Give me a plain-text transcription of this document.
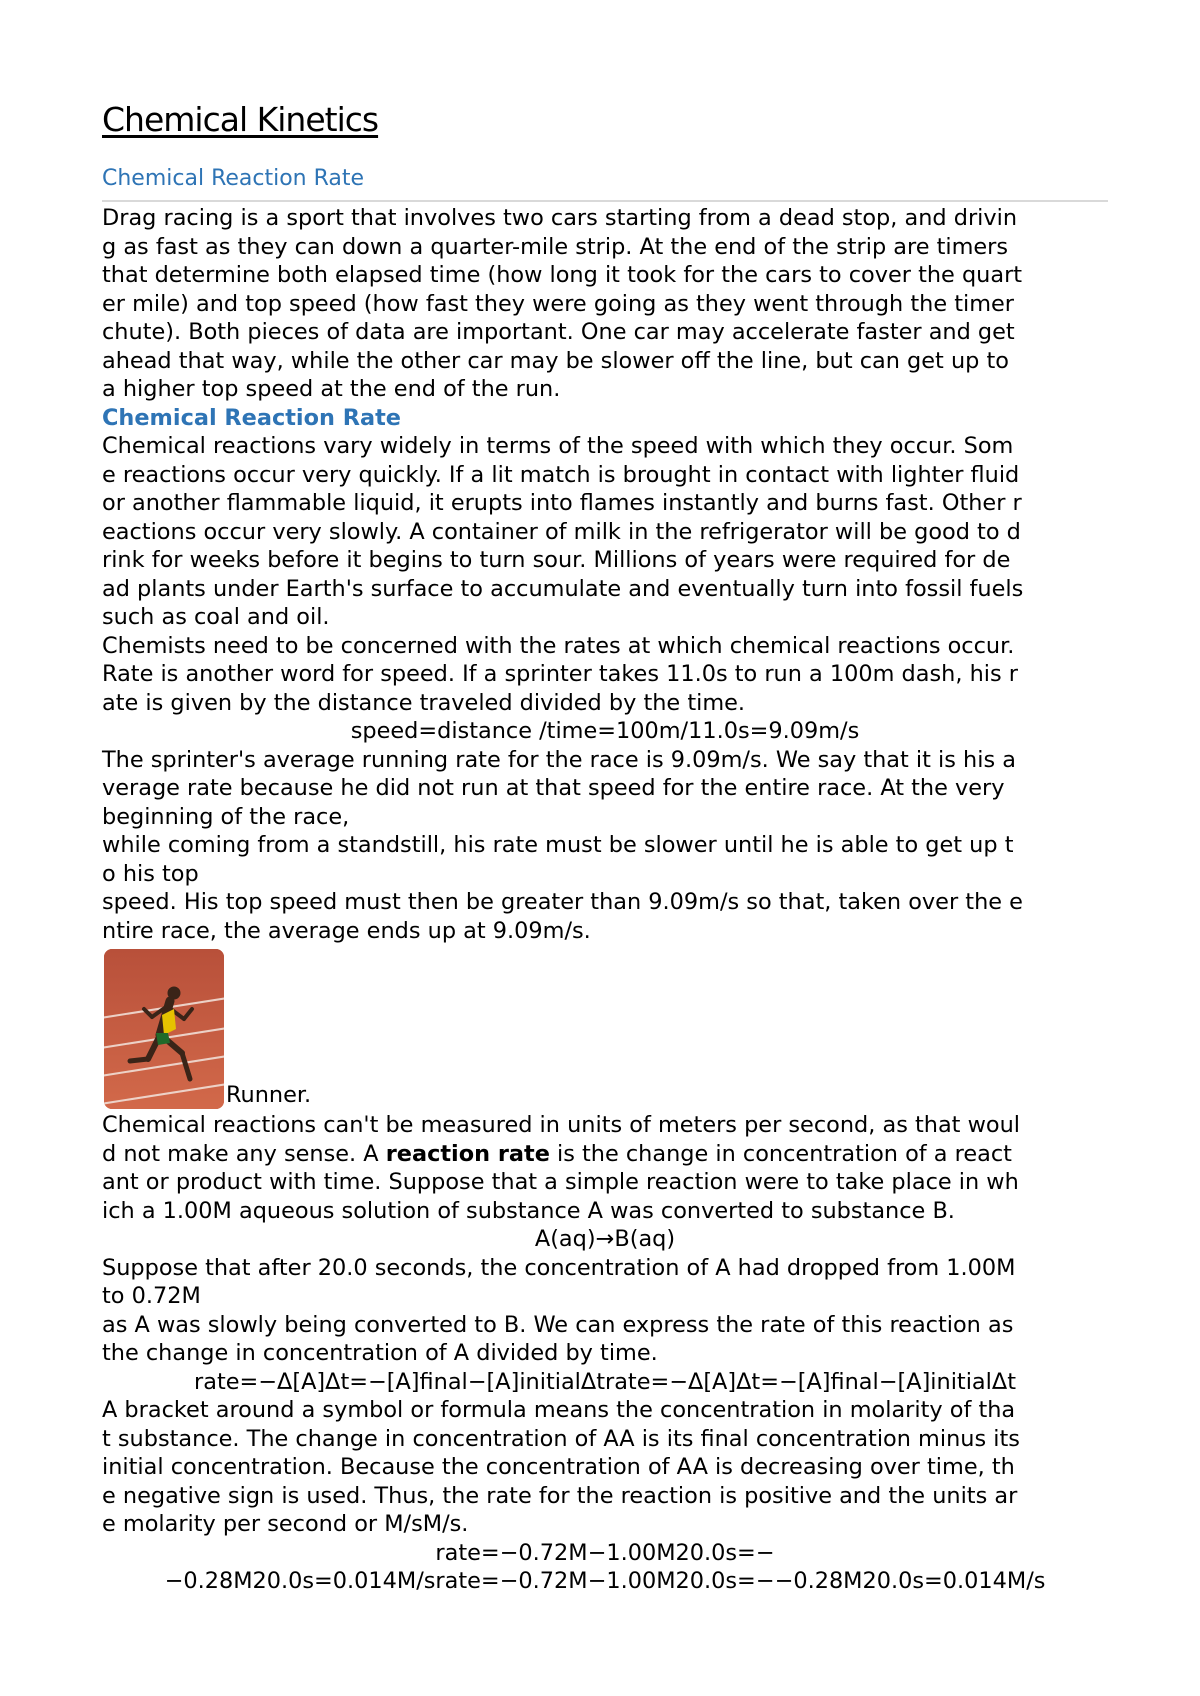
Chemical Kinetics
Chemical Reaction Rate

Drag racing is a sport that involves two cars starting from a dead stop, and drivin
g as fast as they can down a quarter-mile strip. At the end of the strip are timers
that determine both elapsed time (how long it took for the cars to cover the quart
er mile) and top speed (how fast they were going as they went through the timer
chute). Both pieces of data are important. One car may accelerate faster and get
ahead that way, while the other car may be slower off the line, but can get up to
a higher top speed at the end of the run.

Chemical Reaction Rate

Chemical reactions vary widely in terms of the speed with which they occur. Som
e reactions occur very quickly. If a lit match is brought in contact with lighter fluid
or another flammable liquid, it erupts into flames instantly and burns fast. Other r
eactions occur very slowly. A container of milk in the refrigerator will be good to d
rink for weeks before it begins to turn sour. Millions of years were required for de
ad plants under Earth's surface to accumulate and eventually turn into fossil fuels
such as coal and oil.

Chemists need to be concerned with the rates at which chemical reactions occur.
Rate is another word for speed. If a sprinter takes 11.0s to run a 100m dash, his r
ate is given by the distance traveled divided by the time.

speed=distance /time=100m/11.0s=9.09m/s

The sprinter's average running rate for the race is 9.09m/s. We say that it is his a
verage rate because he did not run at that speed for the entire race. At the very
beginning of the race,
while coming from a standstill, his rate must be slower until he is able to get up t
o his top
speed. His top speed must then be greater than 9.09m/s so that, taken over the e
ntire race, the average ends up at 9.09m/s.

Runner.

Chemical reactions can't be measured in units of meters per second, as that woul
d not make any sense. A reaction rate is the change in concentration of a react
ant or product with time. Suppose that a simple reaction were to take place in wh
ich a 1.00M aqueous solution of substance A was converted to substance B.

A(aq)→B(aq)

Suppose that after 20.0 seconds, the concentration of A had dropped from 1.00M
to 0.72M
as A was slowly being converted to B. We can express the rate of this reaction as
the change in concentration of A divided by time.

rate=−Δ[A]Δt=−[A]final−[A]initialΔtrate=−Δ[A]Δt=−[A]final−[A]initialΔt

A bracket around a symbol or formula means the concentration in molarity of tha
t substance. The change in concentration of AA is its final concentration minus its
initial concentration. Because the concentration of AA is decreasing over time, th
e negative sign is used. Thus, the rate for the reaction is positive and the units ar
e molarity per second or M/sM/s.

rate=−0.72M−1.00M20.0s=−
−0.28M20.0s=0.014M/srate=−0.72M−1.00M20.0s=−−0.28M20.0s=0.014M/s
